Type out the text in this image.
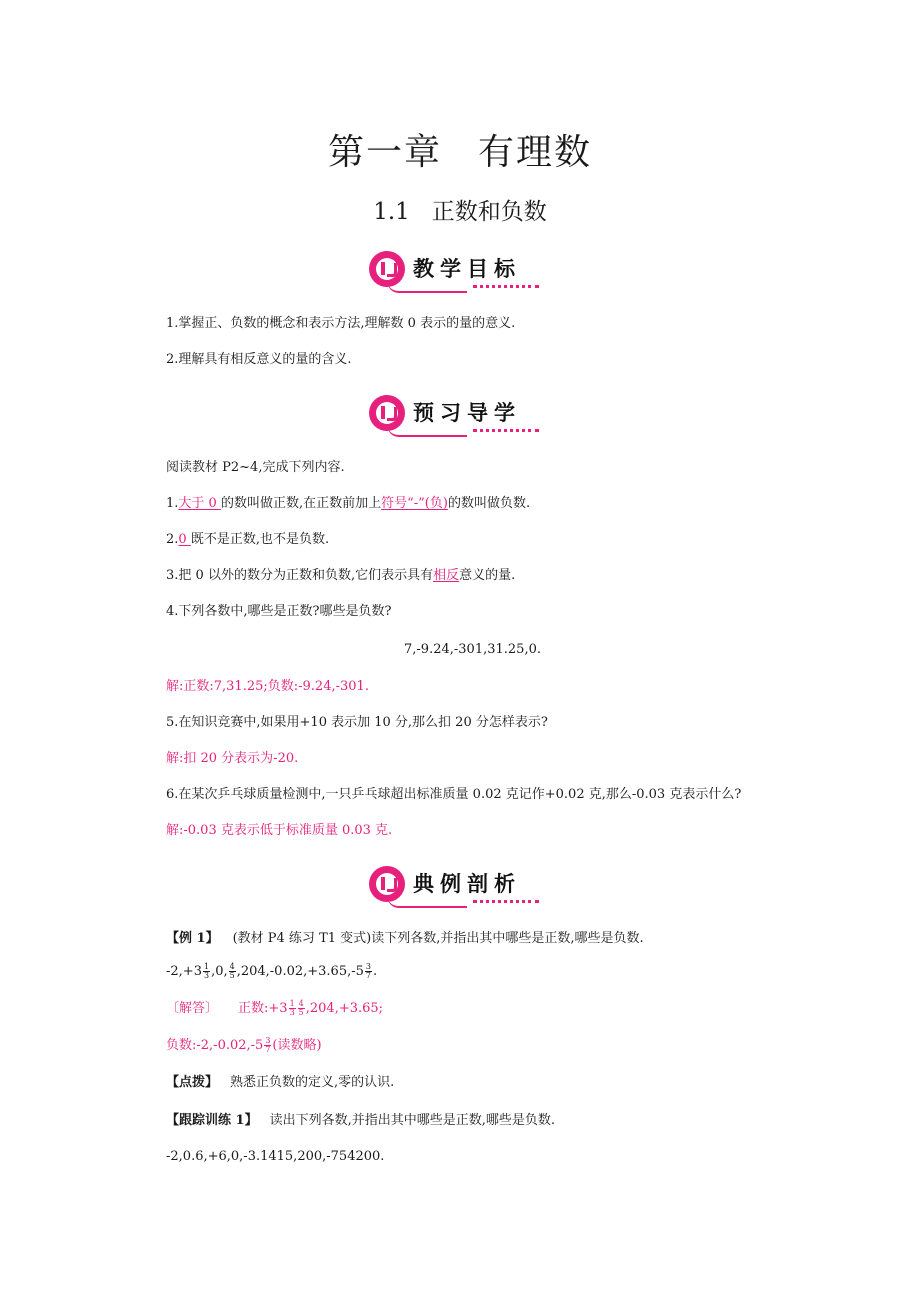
第一章 有理数
1.1 正数和负数
教学目标
1.掌握正、负数的概念和表示方法,理解数 0 表示的量的意义.
2.理解具有相反意义的量的含义.
预习导学
阅读教材 P2~4,完成下列内容.
1.大于 0 的数叫做正数,在正数前加上符号“-”(负)的数叫做负数.
2.0 既不是正数,也不是负数.
3.把 0 以外的数分为正数和负数,它们表示具有相反意义的量.
4.下列各数中,哪些是正数?哪些是负数?
7,-9.24,-301,31.25,0.
解:正数:7,31.25;负数:-9.24,-301.
5.在知识竞赛中,如果用+10 表示加 10 分,那么扣 20 分怎样表示?
解:扣 20 分表示为-20.
6.在某次乒乓球质量检测中,一只乒乓球超出标准质量 0.02 克记作+0.02 克,那么-0.03 克表示什么?
解:-0.03 克表示低于标准质量 0.03 克.
典例剖析
【例 1】 (教材 P4 练习 T1 变式)读下列各数,并指出其中哪些是正数,哪些是负数.
$-2,+3 \frac{1}{3} ,0$, $\frac{4}{5} ,204,-0.02,+3.65,-5 \frac{3}{7}$ .
〔解答〕 正数:+3 $\frac{1}{3} \frac{4}{5} ,204,+3.65$;
负数:-2,-0.02,-5 $\frac{3}{7}$ (读数略)
【点拨】 熟悉正负数的定义,零的认识.
【跟踪训练 1】 读出下列各数,并指出其中哪些是正数,哪些是负数.
-2,0.6,+6,0,-3.1415,200,-754200.
